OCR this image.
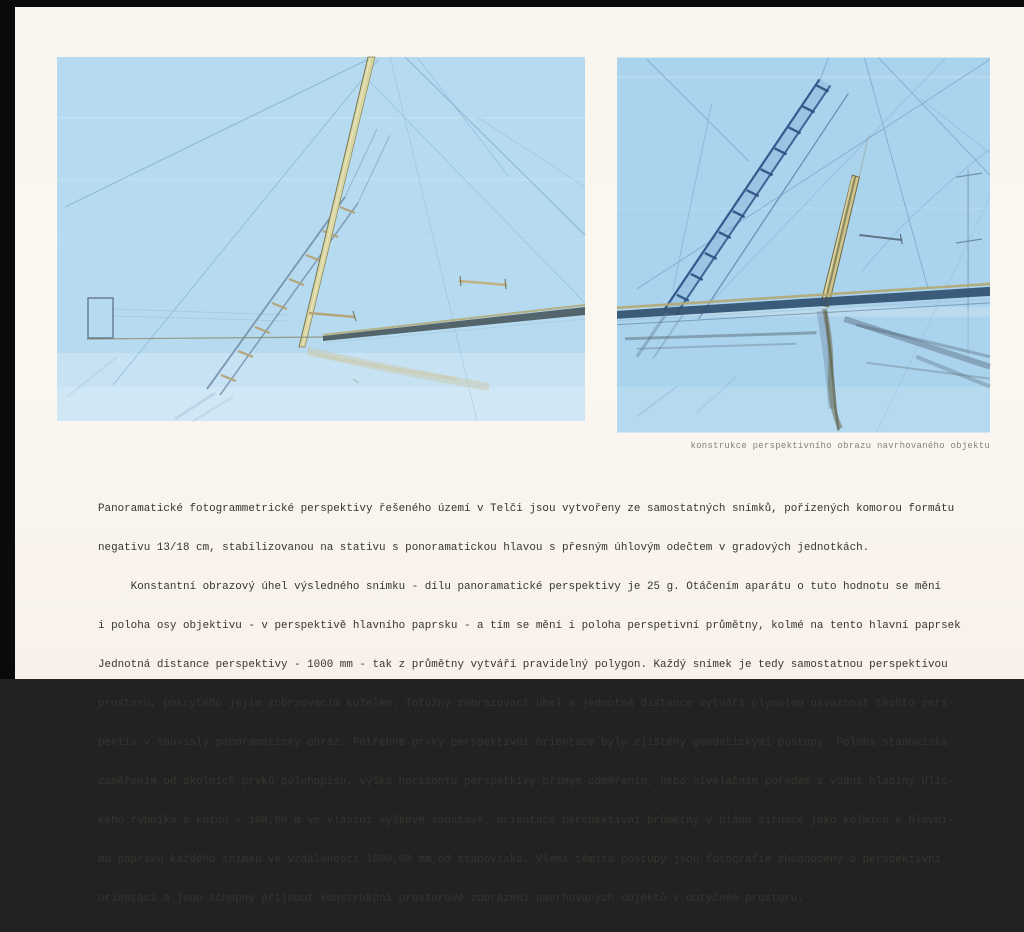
konstrukce perspektivního obrazu navrhovaného objektu

Panoramatické fotogrammetrické perspektivy řešeného území v Telči jsou vytvořeny ze samostatných snímků, pořízených komorou formátu

negativu 13/18 cm, stabilizovanou na stativu s ponoramatickou hlavou s přesným úhlovým odečtem v gradových jednotkách.

Konstantní obrazový úhel výsledného snímku - dílu panoramatické perspektivy je 25 g. Otáčením aparátu o tuto hodnotu se mění

i poloha osy objektivu - v perspektivě hlavního paprsku - a tím se mění i poloha perspetivní průmětny, kolmé na tento hlavní paprsek

Jednotná distance perspektivy - 1000 mm - tak z průmětny vytváří pravidelný polygon. Každý snímek je tedy samostatnou perspektivou

prostoru, pokrytého jejím zobrzovacím kuželem. Totožný zobrazovací úhel a jednotná distance vytváří plynulou návaznost těchto pers-

pektiv v souvislý panoramatický obraz. Potřebné prvky perspektivní orientace byly zjištěny geodetickými postupy. Poloha stanoviska

zaměřením od okolních prvků polohopisu, výška horizontu perspetkivy přímým odměřením, nebo nivelačním pořadem z vodní hladiny Ulic-

kého rybníka s kotou + 100,00 m ve vlastní výškové soustavě, orientace perspektivní průmětny v plánu situace jako kolmice k hlavní-

mu paprsku každého snímku ve vzdálenosti 1000,00 mm od stanoviska. Všemi těmito postupy jsou fotografie zhodnoceny o perspektivní

orientací a jsou schopny přijmout konstrukční prostorové zobrazení navrhovaných objektů v dotyčném prostoru.
